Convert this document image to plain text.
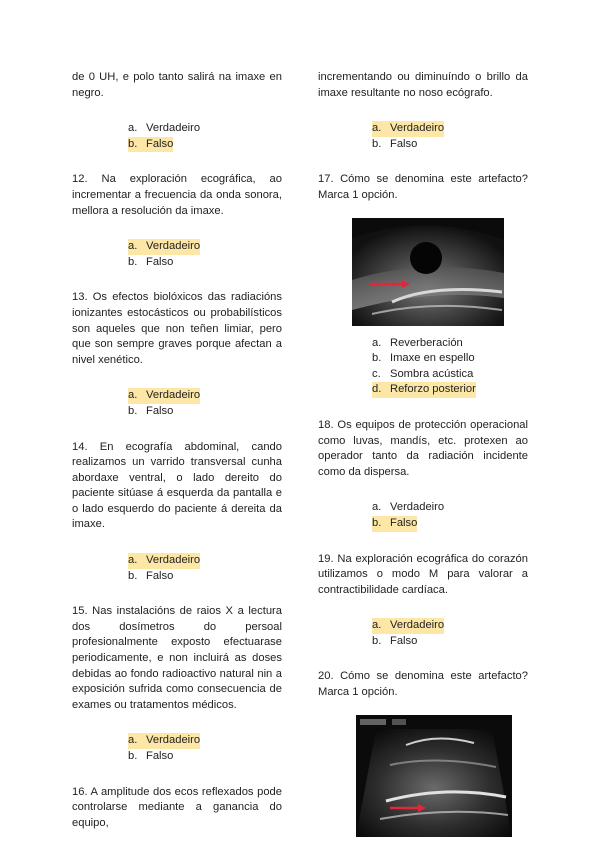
de 0 UH, e polo tanto salirá na imaxe en negro.

a. Verdadeiro
b. Falso

12. Na exploración ecográfica, ao incrementar a frecuencia da onda sonora, mellora a resolución da imaxe.

a. Verdadeiro
b. Falso

13. Os efectos biolóxicos das radiacións ionizantes estocásticos ou probabilísticos son aqueles que non teñen limiar, pero que son sempre graves porque afectan a nivel xenético.

a. Verdadeiro
b. Falso

14. En ecografía abdominal, cando realizamos un varrido transversal cunha abordaxe ventral, o lado dereito do paciente sitúase á esquerda da pantalla e o lado esquerdo do paciente á dereita da imaxe.

a. Verdadeiro
b. Falso

15. Nas instalacións de raios X a lectura dos dosímetros do persoal profesionalmente exposto efectuarase periodicamente, e non incluirá as doses debidas ao fondo radioactivo natural nin a exposición sufrida como consecuencia de exames ou tratamentos médicos.

a. Verdadeiro
b. Falso

16. A amplitude dos ecos reflexados pode controlarse mediante a ganancia do equipo,

incrementando ou diminuíndo o brillo da imaxe resultante no noso ecógrafo.

a. Verdadeiro
b. Falso

17. Cómo se denomina este artefacto? Marca 1 opción.

a. Reverberación
b. Imaxe en espello
c. Sombra acústica
d. Reforzo posterior

18. Os equipos de protección operacional como luvas, mandís, etc. protexen ao operador tanto da radiación incidente como da dispersa.

a. Verdadeiro
b. Falso

19. Na exploración ecográfica do corazón utilizamos o modo M para valorar a contractibilidade cardíaca.

a. Verdadeiro
b. Falso

20. Cómo se denomina este artefacto? Marca 1 opción.
